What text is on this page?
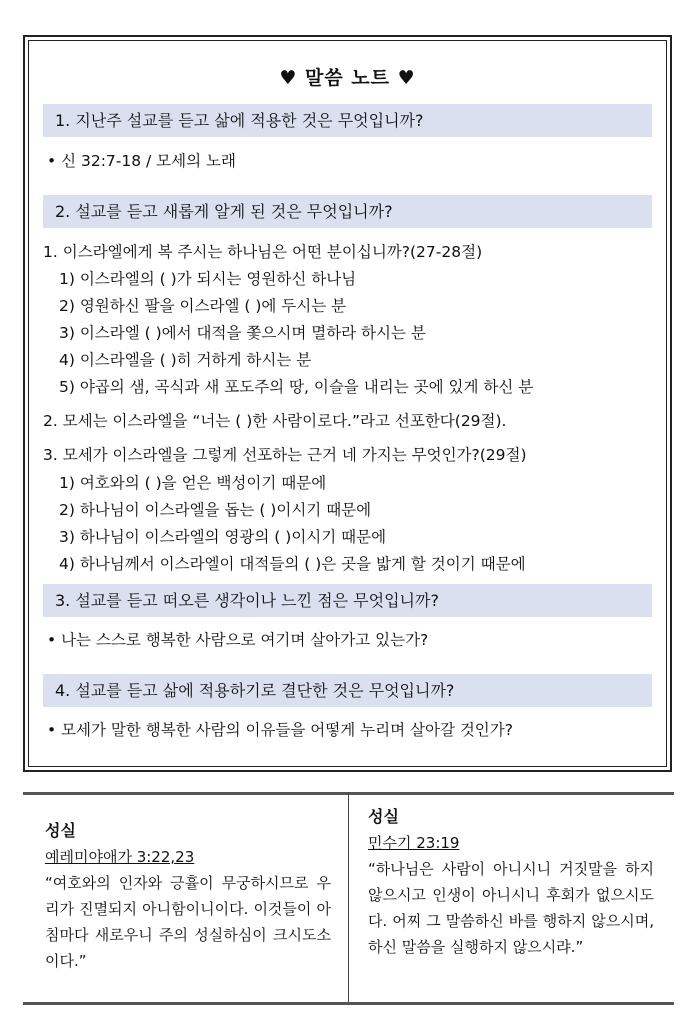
♥ 말씀 노트 ♥
1. 지난주 설교를 듣고 삶에 적용한 것은 무엇입니까?
• 신 32:7-18 / 모세의 노래
2. 설교를 듣고 새롭게 알게 된 것은 무엇입니까?
1. 이스라엘에게 복 주시는 하나님은 어떤 분이십니까?(27-28절)
1) 이스라엘의 ( )가 되시는 영원하신 하나님
2) 영원하신 팔을 이스라엘 ( )에 두시는 분
3) 이스라엘 ( )에서 대적을 쫓으시며 멸하라 하시는 분
4) 이스라엘을 ( )히 거하게 하시는 분
5) 야곱의 샘, 곡식과 새 포도주의 땅, 이슬을 내리는 곳에 있게 하신 분
2. 모세는 이스라엘을 “너는 ( )한 사람이로다.”라고 선포한다(29절).
3. 모세가 이스라엘을 그렇게 선포하는 근거 네 가지는 무엇인가?(29절)
1) 여호와의 ( )을 얻은 백성이기 때문에
2) 하나님이 이스라엘을 돕는 ( )이시기 때문에
3) 하나님이 이스라엘의 영광의 ( )이시기 때문에
4) 하나님께서 이스라엘이 대적들의 ( )은 곳을 밟게 할 것이기 때문에
3. 설교를 듣고 떠오른 생각이나 느낀 점은 무엇입니까?
• 나는 스스로 행복한 사람으로 여기며 살아가고 있는가?
4. 설교를 듣고 삶에 적용하기로 결단한 것은 무엇입니까?
• 모세가 말한 행복한 사람의 이유들을 어떻게 누리며 살아갈 것인가?
성실
예레미야애가 3:22,23
“여호와의 인자와 긍휼이 무궁하시므로 우리가 진멸되지 아니함이니이다. 이것들이 아침마다 새로우니 주의 성실하심이 크시도소이다.”
성실
민수기 23:19
“하나님은 사람이 아니시니 거짓말을 하지 않으시고 인생이 아니시니 후회가 없으시도다. 어찌 그 말씀하신 바를 행하지 않으시며, 하신 말씀을 실행하지 않으시랴.”
